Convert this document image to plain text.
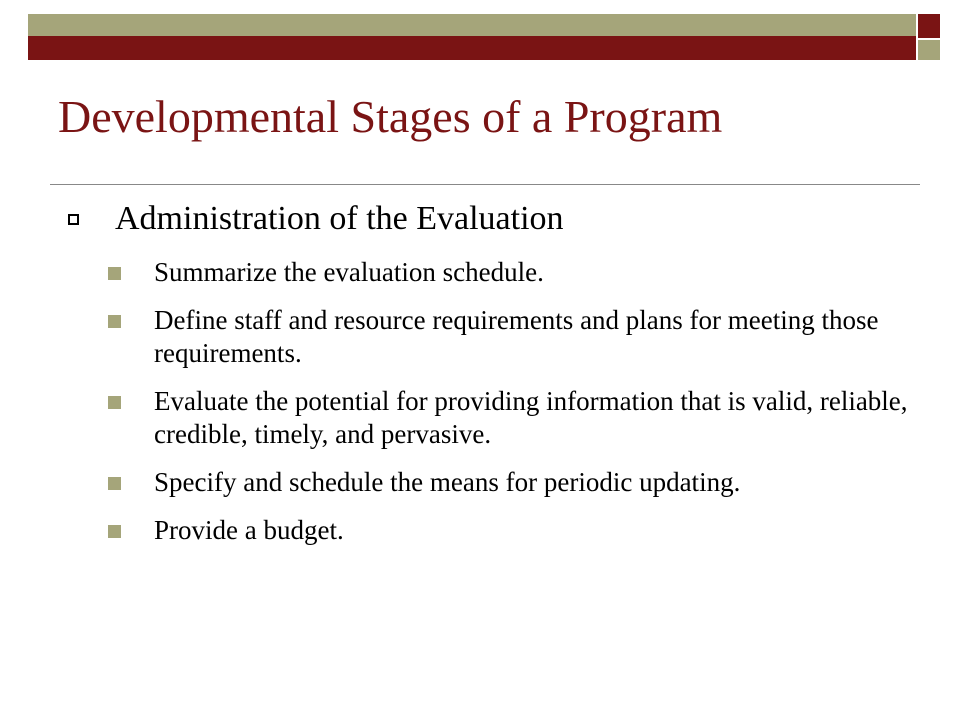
Developmental Stages of a Program
Administration of the Evaluation
Summarize the evaluation schedule.
Define staff and resource requirements and plans for meeting those requirements.
Evaluate the potential for providing information that is valid, reliable, credible, timely, and pervasive.
Specify and schedule the means for periodic updating.
Provide a budget.
